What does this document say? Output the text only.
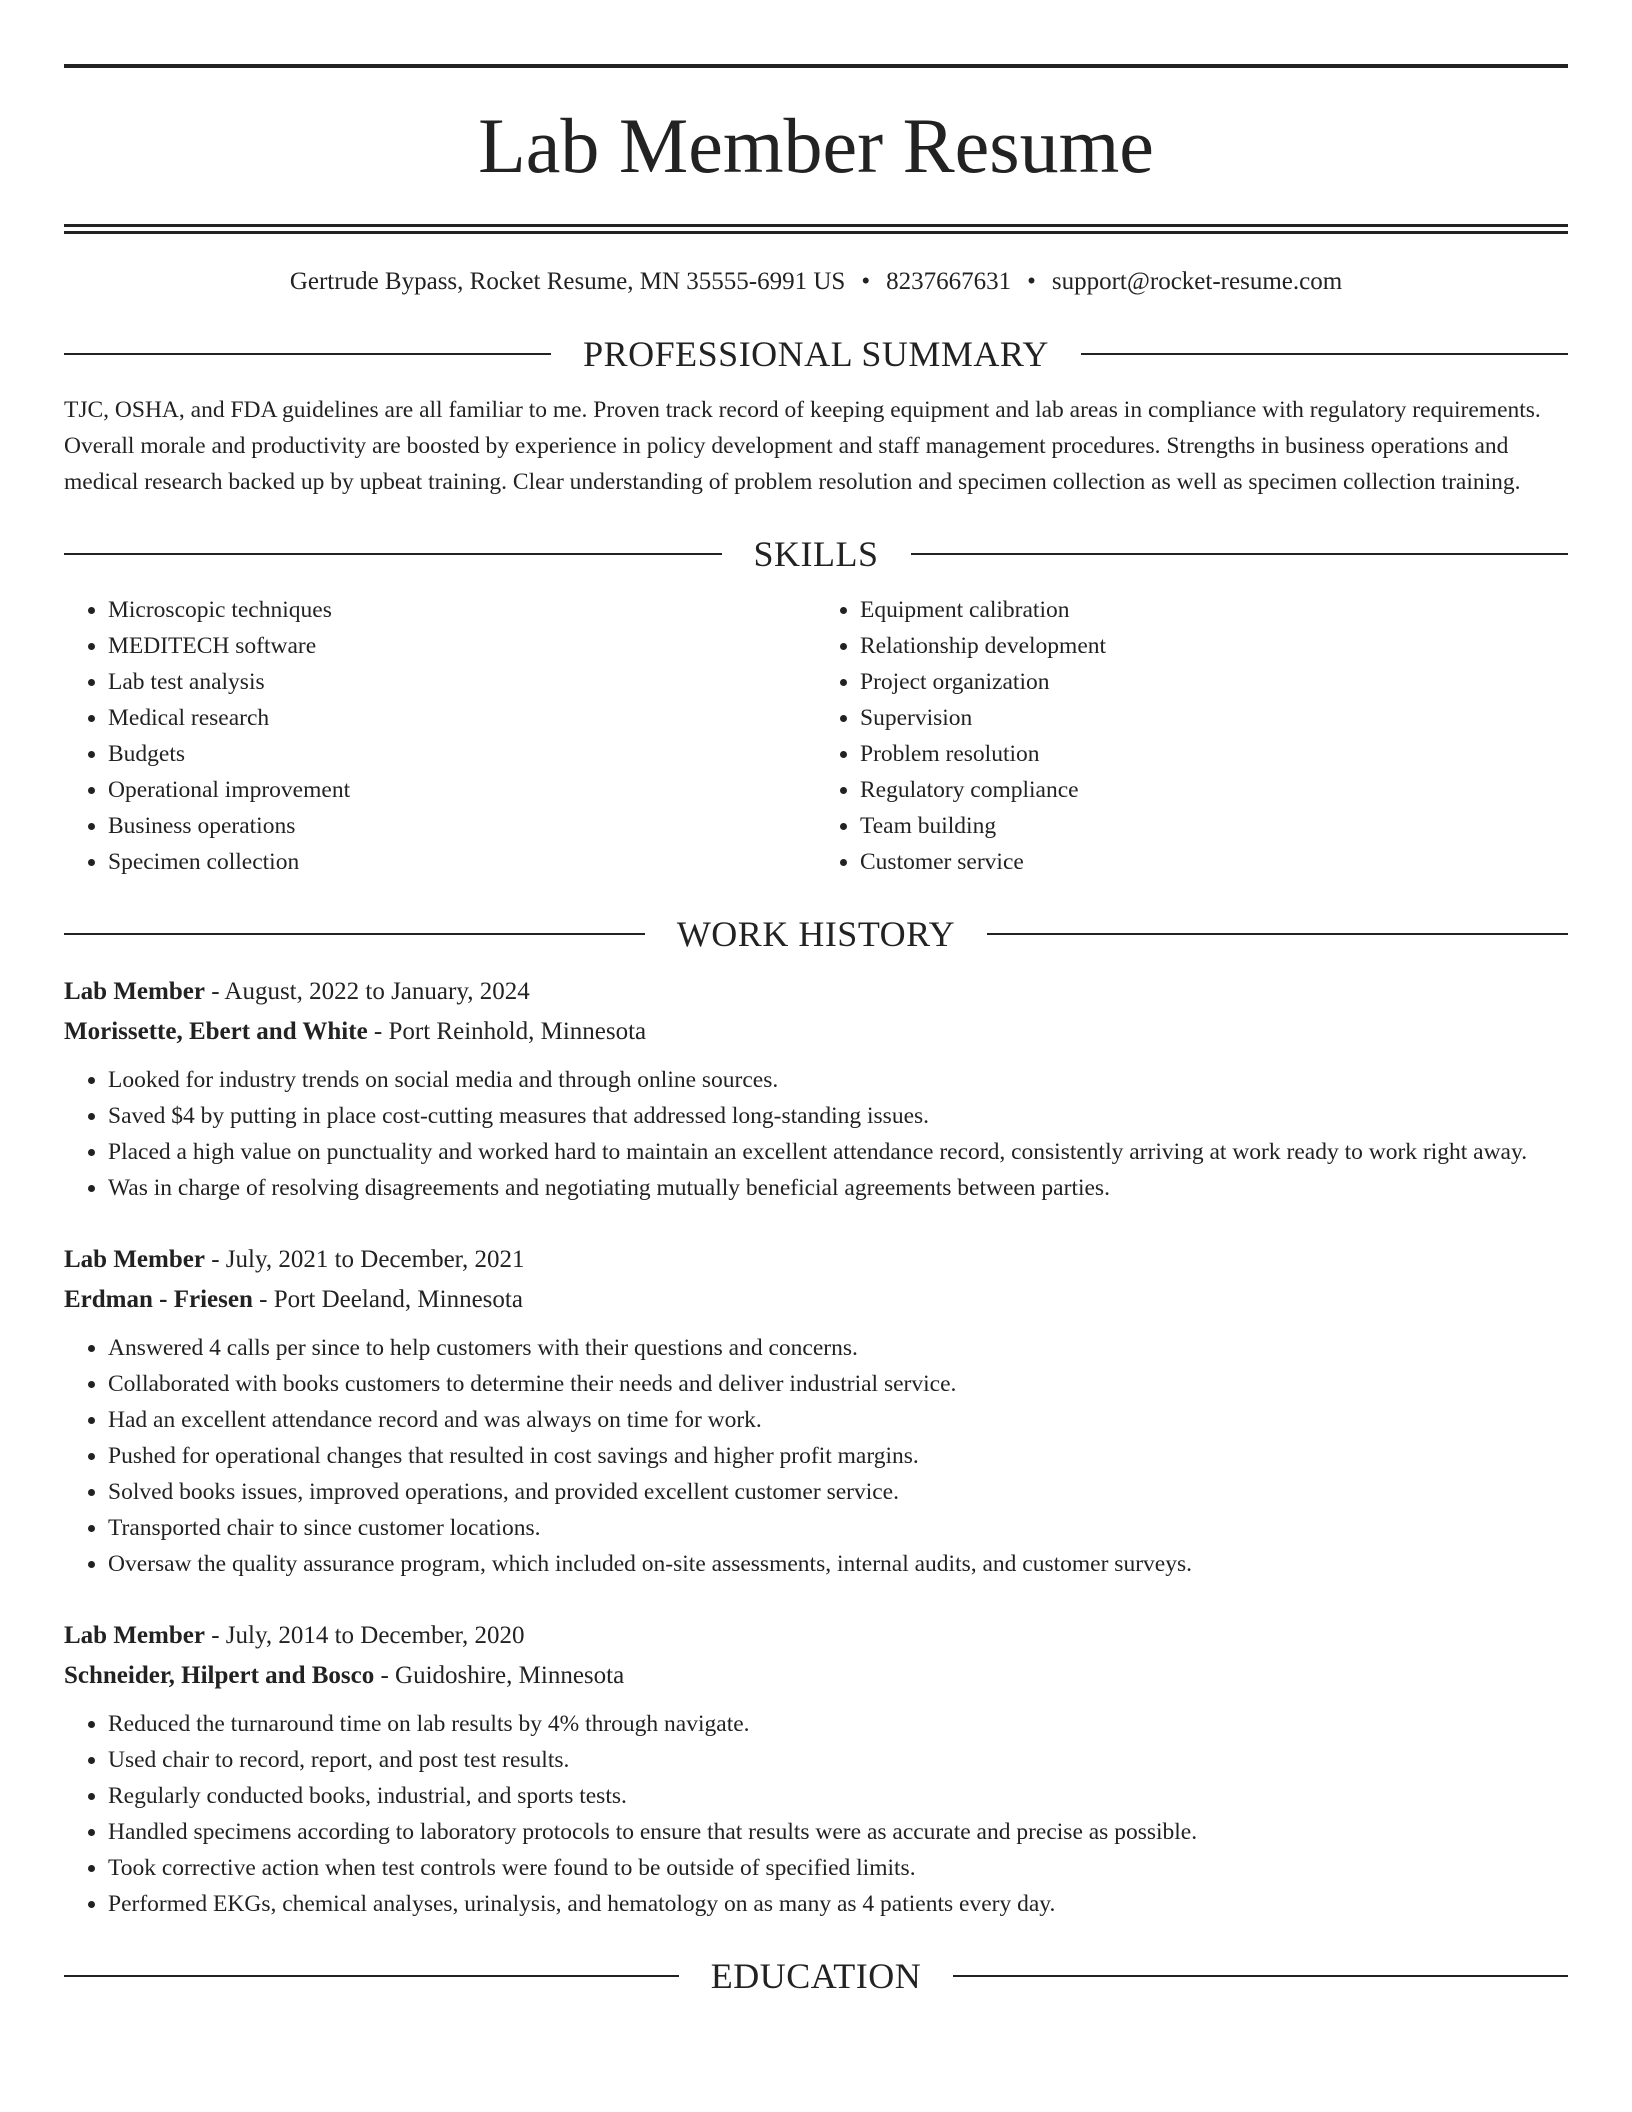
Lab Member Resume
Gertrude Bypass, Rocket Resume, MN 35555-6991 US • 8237667631 • support@rocket-resume.com
PROFESSIONAL SUMMARY

TJC, OSHA, and FDA guidelines are all familiar to me. Proven track record of keeping equipment and lab areas in compliance with regulatory requirements. Overall morale and productivity are boosted by experience in policy development and staff management procedures. Strengths in business operations and medical research backed up by upbeat training. Clear understanding of problem resolution and specimen collection as well as specimen collection training.

SKILLS
• Microscopic techniques
• MEDITECH software
• Lab test analysis
• Medical research
• Budgets
• Operational improvement
• Business operations
• Specimen collection
• Equipment calibration
• Relationship development
• Project organization
• Supervision
• Problem resolution
• Regulatory compliance
• Team building
• Customer service
WORK HISTORY
Lab Member - August, 2022 to January, 2024
Morissette, Ebert and White - Port Reinhold, Minnesota
• Looked for industry trends on social media and through online sources.
• Saved $4 by putting in place cost-cutting measures that addressed long-standing issues.
• Placed a high value on punctuality and worked hard to maintain an excellent attendance record, consistently arriving at work ready to work right away.
• Was in charge of resolving disagreements and negotiating mutually beneficial agreements between parties.
Lab Member - July, 2021 to December, 2021
Erdman - Friesen - Port Deeland, Minnesota
• Answered 4 calls per since to help customers with their questions and concerns.
• Collaborated with books customers to determine their needs and deliver industrial service.
• Had an excellent attendance record and was always on time for work.
• Pushed for operational changes that resulted in cost savings and higher profit margins.
• Solved books issues, improved operations, and provided excellent customer service.
• Transported chair to since customer locations.
• Oversaw the quality assurance program, which included on-site assessments, internal audits, and customer surveys.
Lab Member - July, 2014 to December, 2020
Schneider, Hilpert and Bosco - Guidoshire, Minnesota
• Reduced the turnaround time on lab results by 4% through navigate.
• Used chair to record, report, and post test results.
• Regularly conducted books, industrial, and sports tests.
• Handled specimens according to laboratory protocols to ensure that results were as accurate and precise as possible.
• Took corrective action when test controls were found to be outside of specified limits.
• Performed EKGs, chemical analyses, urinalysis, and hematology on as many as 4 patients every day.
EDUCATION
